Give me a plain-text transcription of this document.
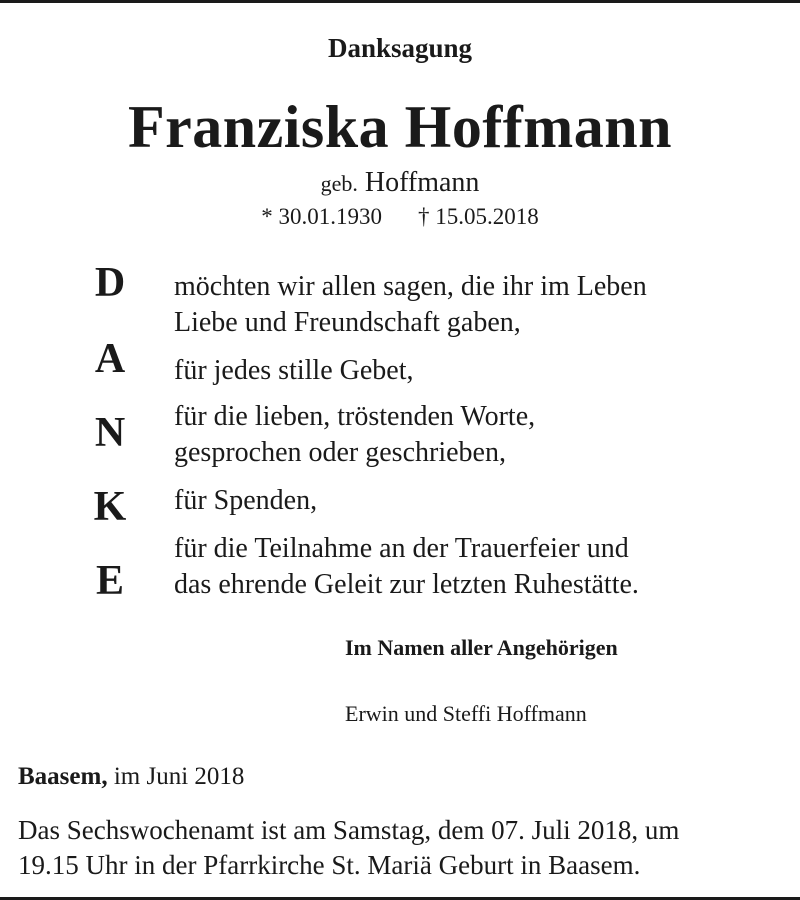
Danksagung
Franziska Hoffmann
geb. Hoffmann
* 30.01.1930 † 15.05.2018
D
A
N
K
E
möchten wir allen sagen, die ihr im Leben
Liebe und Freundschaft gaben,
für jedes stille Gebet,
für die lieben, tröstenden Worte,
gesprochen oder geschrieben,
für Spenden,
für die Teilnahme an der Trauerfeier und
das ehrende Geleit zur letzten Ruhestätte.
Im Namen aller Angehörigen
Erwin und Steffi Hoffmann
Baasem, im Juni 2018
Das Sechswochenamt ist am Samstag, dem 07. Juli 2018, um
19.15 Uhr in der Pfarrkirche St. Mariä Geburt in Baasem.
